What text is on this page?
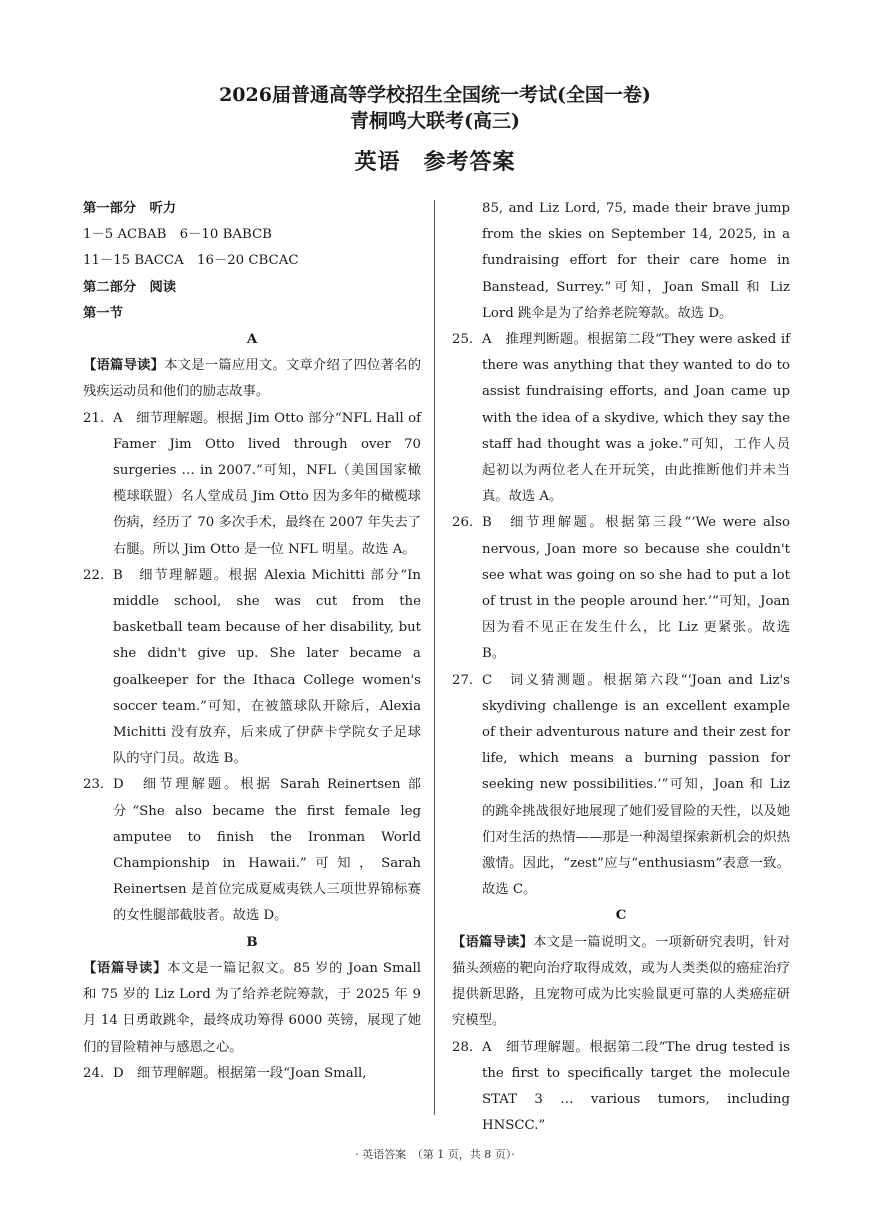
2026届普通高等学校招生全国统一考试(全国一卷)
青桐鸣大联考(高三)
英语　参考答案
第一部分　听力
1－5 ACBAB　6－10 BABCB
11－15 BACCA　16－20 CBCAC
第二部分　阅读
第一节
A
【语篇导读】本文是一篇应用文。文章介绍了四位著名的残疾运动员和他们的励志故事。
21. A　细节理解题。根据 Jim Otto 部分“NFL Hall of Famer Jim Otto lived through over 70 surgeries … in 2007.”可知，NFL（美国国家橄榄球联盟）名人堂成员 Jim Otto 因为多年的橄榄球伤病，经历了 70 多次手术，最终在 2007 年失去了右腿。所以 Jim Otto 是一位 NFL 明星。故选 A。
22. B　细节理解题。根据 Alexia Michitti 部分“In middle school, she was cut from the basketball team because of her disability, but she didn't give up. She later became a goalkeeper for the Ithaca College women's soccer team.”可知，在被篮球队开除后，Alexia Michitti 没有放弃，后来成了伊萨卡学院女子足球队的守门员。故选 B。
23. D　细节理解题。根据 Sarah Reinertsen 部分“She also became the first female leg amputee to finish the Ironman World Championship in Hawaii.”可知，Sarah Reinertsen 是首位完成夏威夷铁人三项世界锦标赛的女性腿部截肢者。故选 D。
B
【语篇导读】本文是一篇记叙文。85 岁的 Joan Small 和 75 岁的 Liz Lord 为了给养老院筹款，于 2025 年 9 月 14 日勇敢跳伞，最终成功筹得 6000 英镑，展现了她们的冒险精神与感恩之心。
24. D　细节理解题。根据第一段“Joan Small,
85, and Liz Lord, 75, made their brave jump from the skies on September 14, 2025, in a fundraising effort for their care home in Banstead, Surrey.”可知，Joan Small 和 Liz Lord 跳伞是为了给养老院筹款。故选 D。
25. A　推理判断题。根据第二段“They were asked if there was anything that they wanted to do to assist fundraising efforts, and Joan came up with the idea of a skydive, which they say the staff had thought was a joke.”可知，工作人员起初以为两位老人在开玩笑，由此推断他们并未当真。故选 A。
26. B　细节理解题。根据第三段“‘We were also nervous, Joan more so because she couldn't see what was going on so she had to put a lot of trust in the people around her.’”可知，Joan 因为看不见正在发生什么，比 Liz 更紧张。故选 B。
27. C　词义猜测题。根据第六段“‘Joan and Liz's skydiving challenge is an excellent example of their adventurous nature and their zest for life, which means a burning passion for seeking new possibilities.’”可知，Joan 和 Liz 的跳伞挑战很好地展现了她们爱冒险的天性，以及她们对生活的热情——那是一种渴望探索新机会的炽热激情。因此，“zest”应与“enthusiasm”表意一致。故选 C。
C
【语篇导读】本文是一篇说明文。一项新研究表明，针对猫头颈癌的靶向治疗取得成效，或为人类类似的癌症治疗提供新思路，且宠物可成为比实验鼠更可靠的人类癌症研究模型。
28. A　细节理解题。根据第二段“The drug tested is the first to specifically target the molecule STAT 3 … various tumors, including HNSCC.”
· 英语答案　（第 1 页，共 8 页）·
